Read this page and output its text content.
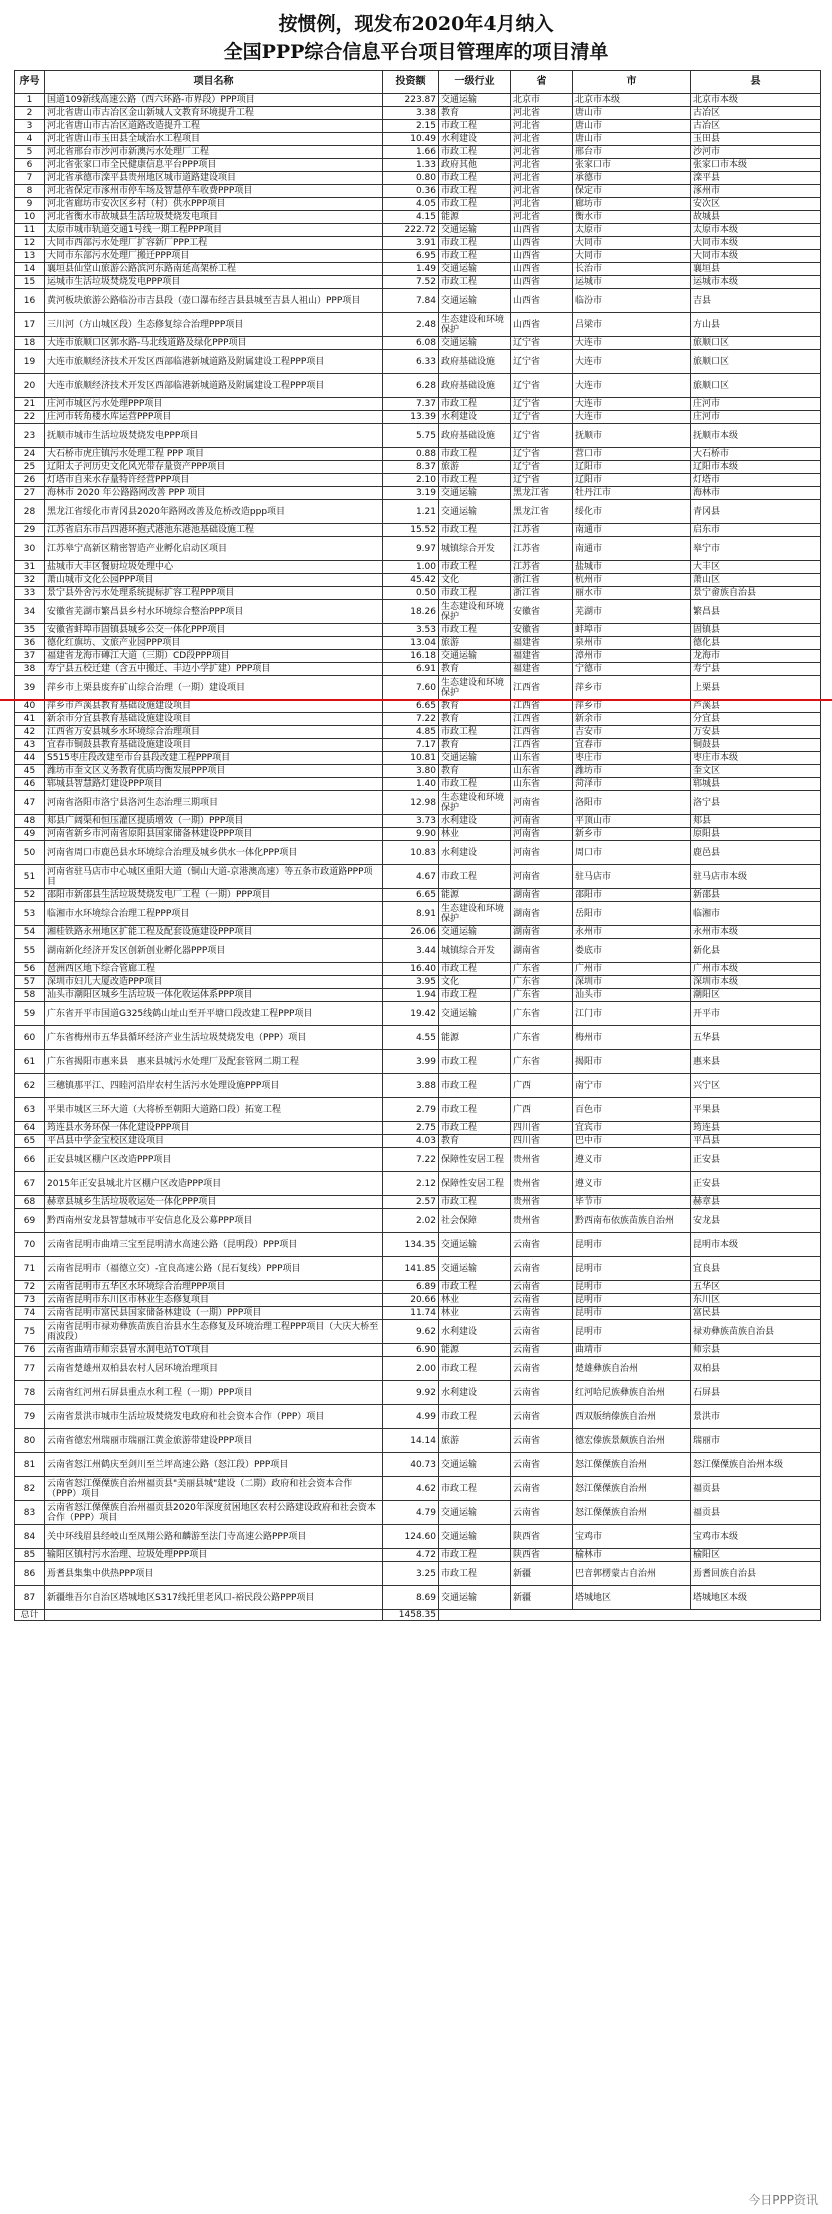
按惯例，现发布2020年4月纳入
全国PPP综合信息平台项目管理库的项目清单
序号	项目名称	投资额	一级行业	省	市	县
1	国道109新线高速公路（西六环路-市界段）PPP项目	223.87	交通运输	北京市	北京市本级	北京市本级
2	河北省唐山市古冶区金山新城人文教育环境提升工程	3.38	教育	河北省	唐山市	古冶区
3	河北省唐山市古冶区道路改造提升工程	2.15	市政工程	河北省	唐山市	古冶区
4	河北省唐山市玉田县全域治水工程项目	10.49	水利建设	河北省	唐山市	玉田县
5	河北省邢台市沙河市新澳污水处理厂工程	1.66	市政工程	河北省	邢台市	沙河市
6	河北省张家口市全民健康信息平台PPP项目	1.33	政府其他	河北省	张家口市	张家口市本级
7	河北省承德市滦平县贵州地区城市道路建设项目	0.80	市政工程	河北省	承德市	滦平县
8	河北省保定市涿州市停车场及智慧停车收费PPP项目	0.36	市政工程	河北省	保定市	涿州市
9	河北省廊坊市安次区乡村（村）供水PPP项目	4.05	市政工程	河北省	廊坊市	安次区
10	河北省衡水市故城县生活垃圾焚烧发电项目	4.15	能源	河北省	衡水市	故城县
11	太原市城市轨道交通1号线一期工程PPP项目	222.72	交通运输	山西省	太原市	太原市本级
12	大同市西部污水处理厂扩容新厂PPP工程	3.91	市政工程	山西省	大同市	大同市本级
13	大同市东部污水处理厂搬迁PPP项目	6.95	市政工程	山西省	大同市	大同市本级
14	襄垣县仙堂山旅游公路滨河东路南延高架桥工程	1.49	交通运输	山西省	长治市	襄垣县
15	运城市生活垃圾焚烧发电PPP项目	7.52	市政工程	山西省	运城市	运城市本级
16	黄河板块旅游公路临汾市吉县段（壶口瀑布经吉县县城至吉县人祖山）PPP项目	7.84	交通运输	山西省	临汾市	吉县
17	三川河（方山城区段）生态修复综合治理PPP项目	2.48	生态建设和环境保护	山西省	吕梁市	方山县
18	大连市旅顺口区郭水路-马北线道路及绿化PPP项目	6.08	交通运输	辽宁省	大连市	旅顺口区
19	大连市旅顺经济技术开发区西部临港新城道路及附属建设工程PPP项目	6.33	政府基础设施	辽宁省	大连市	旅顺口区
20	大连市旅顺经济技术开发区西部临港新城道路及附属建设工程PPP项目	6.28	政府基础设施	辽宁省	大连市	旅顺口区
21	庄河市城区污水处理PPP项目	7.37	市政工程	辽宁省	大连市	庄河市
22	庄河市转角楼水库运营PPP项目	13.39	水利建设	辽宁省	大连市	庄河市
23	抚顺市城市生活垃圾焚烧发电PPP项目	5.75	政府基础设施	辽宁省	抚顺市	抚顺市本级
24	大石桥市虎庄镇污水处理工程 PPP 项目	0.88	市政工程	辽宁省	营口市	大石桥市
25	辽阳太子河历史文化风光带存量资产PPP项目	8.37	旅游	辽宁省	辽阳市	辽阳市本级
26	灯塔市自来水存量特许经营PPP项目	2.10	市政工程	辽宁省	辽阳市	灯塔市
27	海林市 2020 年公路路网改善 PPP 项目	3.19	交通运输	黑龙江省	牡丹江市	海林市
28	黑龙江省绥化市青冈县2020年路网改善及危桥改造ppp项目	1.21	交通运输	黑龙江省	绥化市	青冈县
29	江苏省启东市吕四港环抱式港池东港池基础设施工程	15.52	市政工程	江苏省	南通市	启东市
30	江苏皋宁高新区精密智造产业孵化启动区项目	9.97	城镇综合开发	江苏省	南通市	皋宁市
31	盐城市大丰区餐厨垃圾处理中心	1.00	市政工程	江苏省	盐城市	大丰区
32	萧山城市文化公园PPP项目	45.42	文化	浙江省	杭州市	萧山区
33	景宁县外舍污水处理系统提标扩容工程PPP项目	0.50	市政工程	浙江省	丽水市	景宁畲族自治县
34	安徽省芜湖市繁昌县乡村水环境综合整治PPP项目	18.26	生态建设和环境保护	安徽省	芜湖市	繁昌县
35	安徽省蚌埠市固镇县城乡公交一体化PPP项目	3.53	市政工程	安徽省	蚌埠市	固镇县
36	德化红旗坊、文旅产业园PPP项目	13.04	旅游	福建省	泉州市	德化县
37	福建省龙海市磚江大道（三期）CD段PPP项目	16.18	交通运输	福建省	漳州市	龙海市
38	寿宁县五校迁建（含五中搬迁、丰边小学扩建）PPP项目	6.91	教育	福建省	宁德市	寿宁县
39	萍乡市上栗县废弃矿山综合治理（一期）建设项目	7.60	生态建设和环境保护	江西省	萍乡市	上栗县
40	萍乡市芦溪县教育基础设施建设项目	6.65	教育	江西省	萍乡市	芦溪县
41	新余市分宜县教育基础设施建设项目	7.22	教育	江西省	新余市	分宜县
42	江西省万安县城乡水环境综合治理项目	4.85	市政工程	江西省	吉安市	万安县
43	宜春市铜鼓县教育基础设施建设项目	7.17	教育	江西省	宜春市	铜鼓县
44	S515枣庄段改建至市台县段改建工程PPP项目	10.81	交通运输	山东省	枣庄市	枣庄市本级
45	潍坊市奎文区义务教育优质均衡发展PPP项目	3.80	教育	山东省	潍坊市	奎文区
46	郓城县智慧路灯建设PPP项目	1.40	市政工程	山东省	菏泽市	郓城县
47	河南省洛阳市洛宁县洛河生态治理三期项目	12.98	生态建设和环境保护	河南省	洛阳市	洛宁县
48	郏县广阔渠和恒压灌区提质增效（一期）PPP项目	3.73	水利建设	河南省	平顶山市	郏县
49	河南省新乡市河南省原阳县国家储备林建设PPP项目	9.90	林业	河南省	新乡市	原阳县
50	河南省周口市鹿邑县水环境综合治理及城乡供水一体化PPP项目	10.83	水利建设	河南省	周口市	鹿邑县
51	河南省驻马店市中心城区重阳大道（铜山大道-京港澳高速）等五条市政道路PPP项目	4.67	市政工程	河南省	驻马店市	驻马店市本级
52	邵阳市新邵县生活垃圾焚烧发电厂工程（一期）PPP项目	6.65	能源	湖南省	邵阳市	新邵县
53	临湘市水环境综合治理工程PPP项目	8.91	生态建设和环境保护	湖南省	岳阳市	临湘市
54	湘桂铁路永州地区扩能工程及配套设施建设PPP项目	26.06	交通运输	湖南省	永州市	永州市本级
55	湖南新化经济开发区创新创业孵化器PPP项目	3.44	城镇综合开发	湖南省	娄底市	新化县
56	琶洲西区地下综合管廊工程	16.40	市政工程	广东省	广州市	广州市本级
57	深圳市妇儿大厦改造PPP项目	3.95	文化	广东省	深圳市	深圳市本级
58	汕头市潮阳区城乡生活垃圾一体化收运体系PPP项目	1.94	市政工程	广东省	汕头市	潮阳区
59	广东省开平市国道G325线鹤山址山至开平塘口段改建工程PPP项目	19.42	交通运输	广东省	江门市	开平市
60	广东省梅州市五华县循环经济产业生活垃圾焚烧发电（PPP）项目	4.55	能源	广东省	梅州市	五华县
61	广东省揭阳市惠来县　惠来县城污水处理厂及配套管网二期工程	3.99	市政工程	广东省	揭阳市	惠来县
62	三穗镇那平江、四睦河沿岸农村生活污水处理设施PPP项目	3.88	市政工程	广西	南宁市	兴宁区
63	平果市城区三环大道（大将桥至朝阳大道路口段）拓宽工程	2.79	市政工程	广西	百色市	平果县
64	筠连县水务环保一体化建设PPP项目	2.75	市政工程	四川省	宜宾市	筠连县
65	平昌县中学金宝校区建设项目	4.03	教育	四川省	巴中市	平昌县
66	正安县城区棚户区改造PPP项目	7.22	保障性安居工程	贵州省	遵义市	正安县
67	2015年正安县城北片区棚户区改造PPP项目	2.12	保障性安居工程	贵州省	遵义市	正安县
68	赫章县城乡生活垃圾收运处一体化PPP项目	2.57	市政工程	贵州省	毕节市	赫章县
69	黔西南州安龙县智慧城市平安信息化及公募PPP项目	2.02	社会保障	贵州省	黔西南布依族苗族自治州	安龙县
70	云南省昆明市曲靖三宝至昆明清水高速公路（昆明段）PPP项目	134.35	交通运输	云南省	昆明市	昆明市本级
71	云南省昆明市（福德立交）-宜良高速公路（昆石复线）PPP项目	141.85	交通运输	云南省	昆明市	宜良县
72	云南省昆明市五华区水环境综合治理PPP项目	6.89	市政工程	云南省	昆明市	五华区
73	云南省昆明市东川区市林业生态修复项目	20.66	林业	云南省	昆明市	东川区
74	云南省昆明市富民县国家储备林建设（一期）PPP项目	11.74	林业	云南省	昆明市	富民县
75	云南省昆明市禄劝彝族苗族自治县水生态修复及环境治理工程PPP项目（大庆大桥至雨波段）	9.62	水利建设	云南省	昆明市	禄劝彝族苗族自治县
76	云南省曲靖市师宗县冒水洞电站TOT项目	6.90	能源	云南省	曲靖市	师宗县
77	云南省楚雄州双柏县农村人居环境治理项目	2.00	市政工程	云南省	楚雄彝族自治州	双柏县
78	云南省红河州石屏县重点水利工程（一期）PPP项目	9.92	水利建设	云南省	红河哈尼族彝族自治州	石屏县
79	云南省景洪市城市生活垃圾焚烧发电政府和社会资本合作（PPP）项目	4.99	市政工程	云南省	西双版纳傣族自治州	景洪市
80	云南省德宏州瑞丽市瑞丽江黄金旅游带建设PPP项目	14.14	旅游	云南省	德宏傣族景颇族自治州	瑞丽市
81	云南省怒江州鹤庆至剑川至兰坪高速公路（怒江段）PPP项目	40.73	交通运输	云南省	怒江傈僳族自治州	怒江傈僳族自治州本级
82	云南省怒江傈僳族自治州福贡县"美丽县城"建设（二期）政府和社会资本合作（PPP）项目	4.62	市政工程	云南省	怒江傈僳族自治州	福贡县
83	云南省怒江傈僳族自治州福贡县2020年深度贫困地区农村公路建设政府和社会资本合作（PPP）项目	4.79	交通运输	云南省	怒江傈僳族自治州	福贡县
84	关中环线眉县经岐山至凤翔公路和麟游至法门寺高速公路PPP项目	124.60	交通运输	陕西省	宝鸡市	宝鸡市本级
85	输阳区镇村污水治理、垃圾处理PPP项目	4.72	市政工程	陕西省	榆林市	榆阳区
86	焉耆县集集中供热PPP项目	3.25	市政工程	新疆	巴音郭楞蒙古自治州	焉耆回族自治县
87	新疆维吾尔自治区塔城地区S317线托里老风口-裕民段公路PPP项目	8.69	交通运输	新疆	塔城地区	塔城地区本级
总计		1458.35				
今日PPP资讯
